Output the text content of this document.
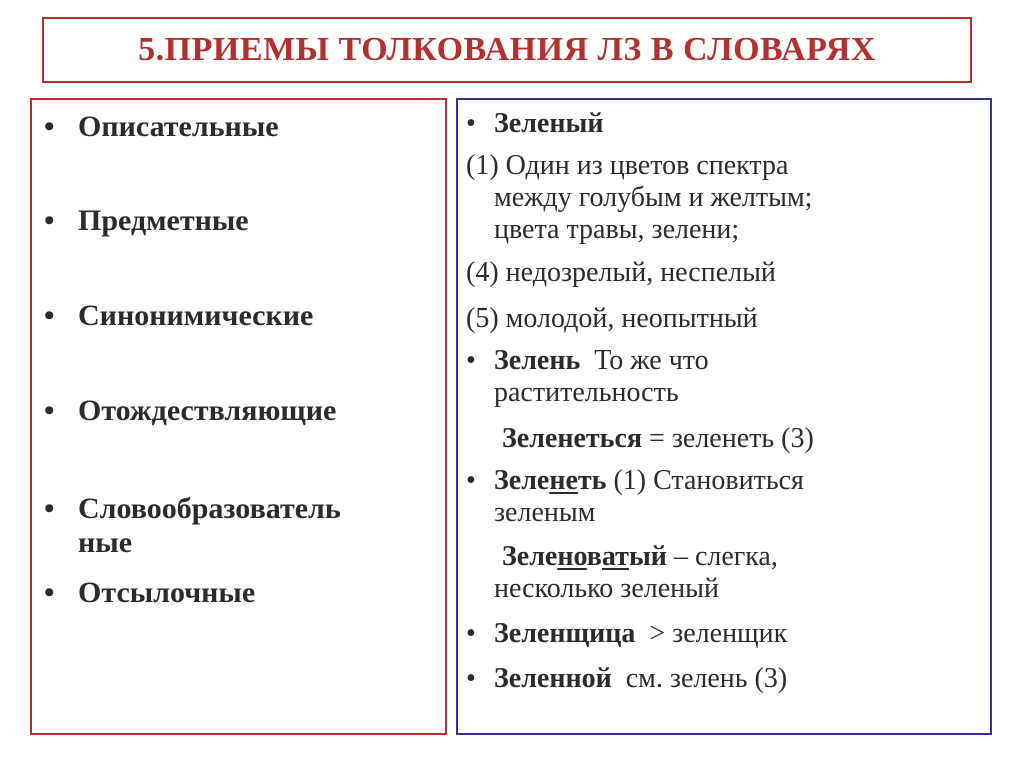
5.ПРИЕМЫ ТОЛКОВАНИЯ ЛЗ В СЛОВАРЯХ
• Описательные
• Предметные
• Синонимические
• Отождествляющие
• Словообразователь
ные
• Отсылочные
• Зеленый
(1) Один из цветов спектра
между голубым и желтым;
цвета травы, зелени;
(4) недозрелый, неспелый
(5) молодой, неопытный
• Зелень То же что
растительность
Зеленеться = зеленеть (3)
• Зеленеть (1) Становиться
зеленым
Зеленоватый – слегка,
несколько зеленый
• Зеленщица > зеленщик
• Зеленной см. зелень (3)
